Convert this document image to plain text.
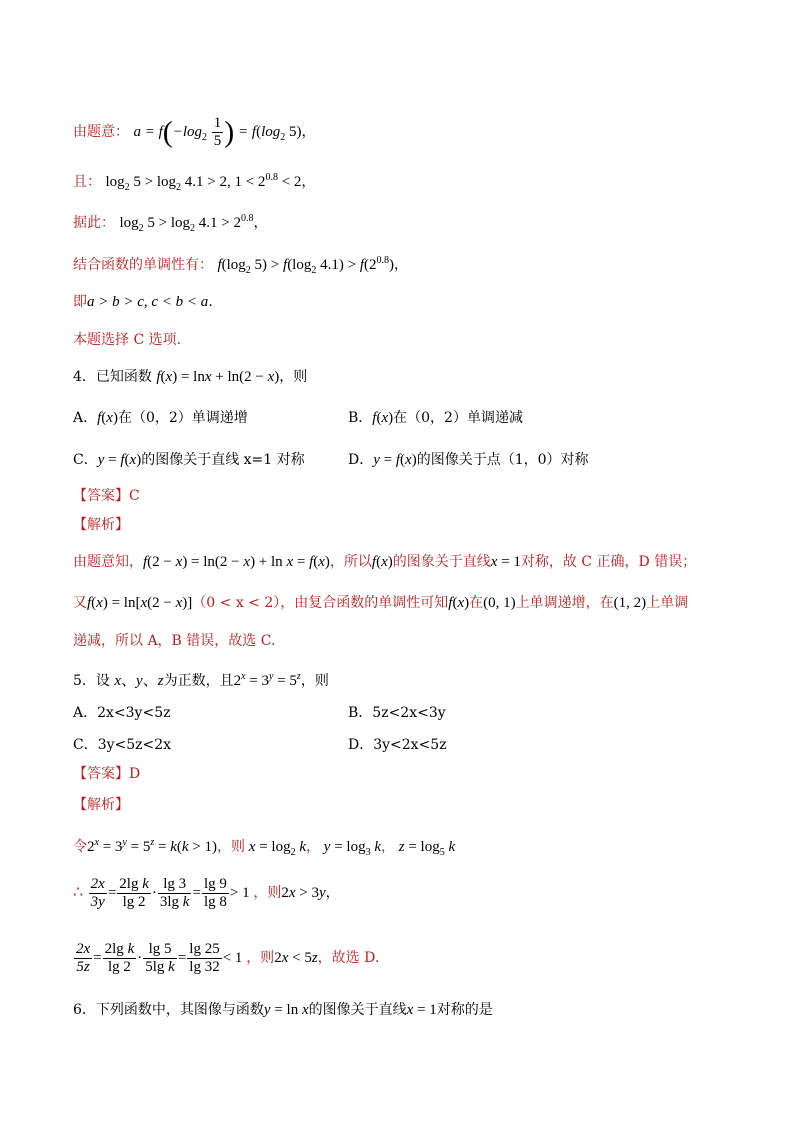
由题意： $a = f(-\log_2 \frac{1}{5}$ ) = $f(\log_2$ 5)，
且： $\log_2 5 > \log_2 4.1 > 2$, $1 < 2^{0.8} < 2$，
据此： $\log_2 5 > \log_2 4.1 > 2^{0.8}$，
结合函数的单调性有： $f(\log_2$ $5) > f(\log_2$ $4.1) > f(2^{0.8})$，
即a > b > c, c < b < a.
本题选择 C 选项.
4．已知函数 f(x) = lnx + ln(2 − x)，则
A．f(x)在（0，2）单调递增	B．f(x)在（0，2）单调递减
C．y = f(x)的图像关于直线 x=1 对称	D．y = f(x)的图像关于点（1，0）对称
【答案】C
【解析】
由题意知，f(2 − x) = ln(2 − x) + ln x = f(x)，所以f(x)的图象关于直线x = 1对称，故 C 正确，D 错误；
又f(x) = ln[x(2 − x)]（0 < x < 2），由复合函数的单调性可知f(x)在(0, 1)上单调递增，在(1, 2)上单调
递减，所以 A，B 错误，故选 C.
5．设 x、y、z为正数，且$2^x = 3^y = 5^z$，则
A．2x<3y<5z	B．5z<2x<3y
C．3y<5z<2x	D．3y<2x<5z
【答案】D
【解析】
令$2^x = 3^y = 5^z = k(k > 1)$，则 $x = \log_2 k$， $y = \log_3 k$， $z = \log_5 k$
∴ $\frac{2x}{3y} = \frac{\text{2lg k}}{\lg 2} \cdot \frac{\lg 3}{\text{3lg k}} = \frac{\lg 9}{\lg 8} > 1$ ，则2x > 3y，
$\frac{2x}{5z} = \frac{\text{2lg k}}{\lg 2} \cdot \frac{\lg 5}{\text{5lg k}} = \frac{\lg 25}{\lg 32} < 1$ ，则2x < 5z，故选 D.
6．下列函数中，其图像与函数y = ln x的图像关于直线x = 1对称的是
